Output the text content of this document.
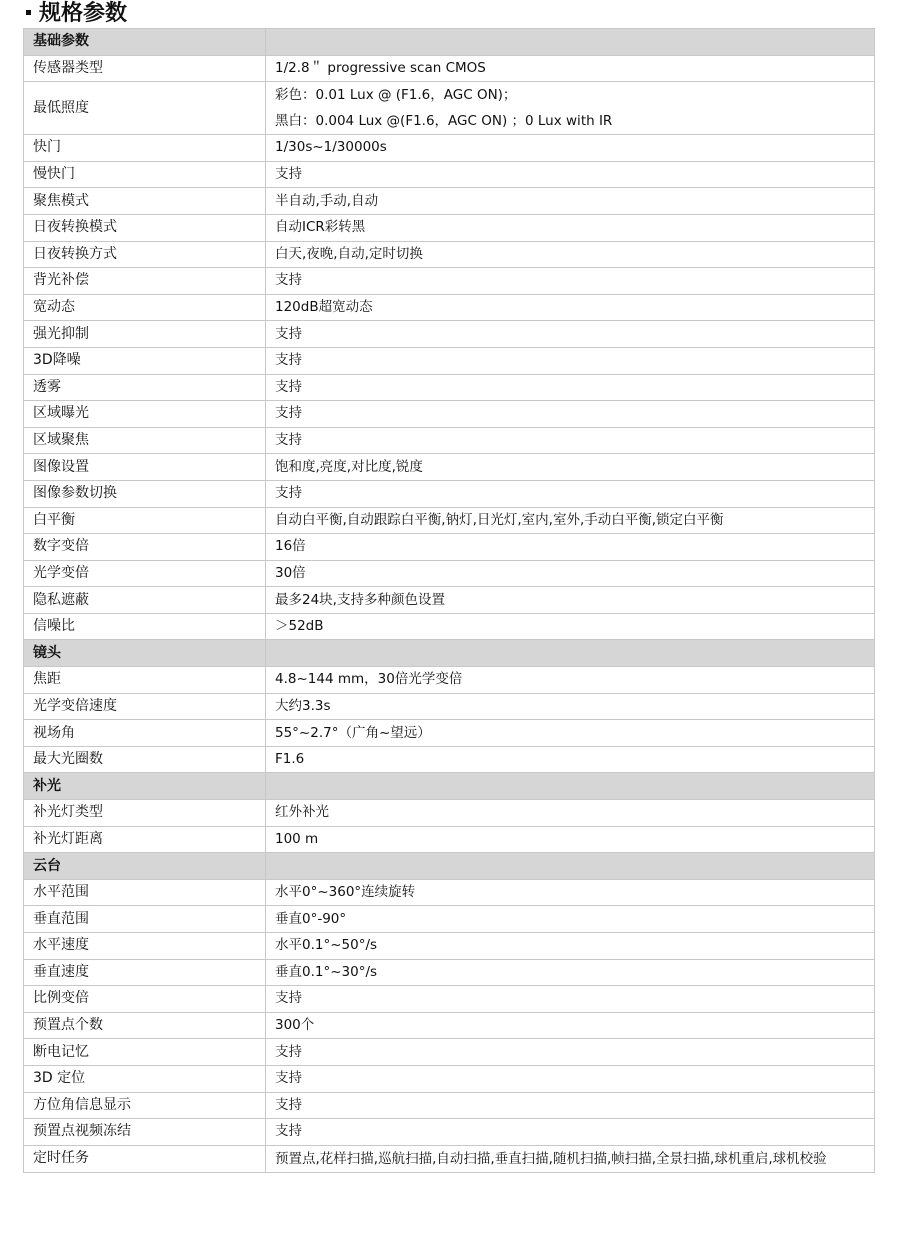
规格参数
基础参数	
传感器类型	1/2.8＂ progressive scan CMOS
最低照度	彩色：0.01 Lux @ (F1.6，AGC ON)；
黑白：0.004 Lux @(F1.6，AGC ON) ；0 Lux with IR

快门	1/30s~1/30000s
慢快门	支持
聚焦模式	半自动,手动,自动
日夜转换模式	自动ICR彩转黑
日夜转换方式	白天,夜晚,自动,定时切换
背光补偿	支持
宽动态	120dB超宽动态
强光抑制	支持
3D降噪	支持
透雾	支持
区域曝光	支持
区域聚焦	支持
图像设置	饱和度,亮度,对比度,锐度
图像参数切换	支持
白平衡	自动白平衡,自动跟踪白平衡,钠灯,日光灯,室内,室外,手动白平衡,锁定白平衡
数字变倍	16倍
光学变倍	30倍
隐私遮蔽	最多24块,支持多种颜色设置
信噪比	＞52dB
镜头	
焦距	4.8~144 mm，30倍光学变倍
光学变倍速度	大约3.3s
视场角	55°~2.7°（广角~望远）
最大光圈数	F1.6
补光	
补光灯类型	红外补光
补光灯距离	100 m
云台	
水平范围	水平0°~360°连续旋转
垂直范围	垂直0°-90°
水平速度	水平0.1°~50°/s
垂直速度	垂直0.1°~30°/s
比例变倍	支持
预置点个数	300个
断电记忆	支持
3D 定位	支持
方位角信息显示	支持
预置点视频冻结	支持
定时任务	预置点,花样扫描,巡航扫描,自动扫描,垂直扫描,随机扫描,帧扫描,全景扫描,球机重启,球机校验
